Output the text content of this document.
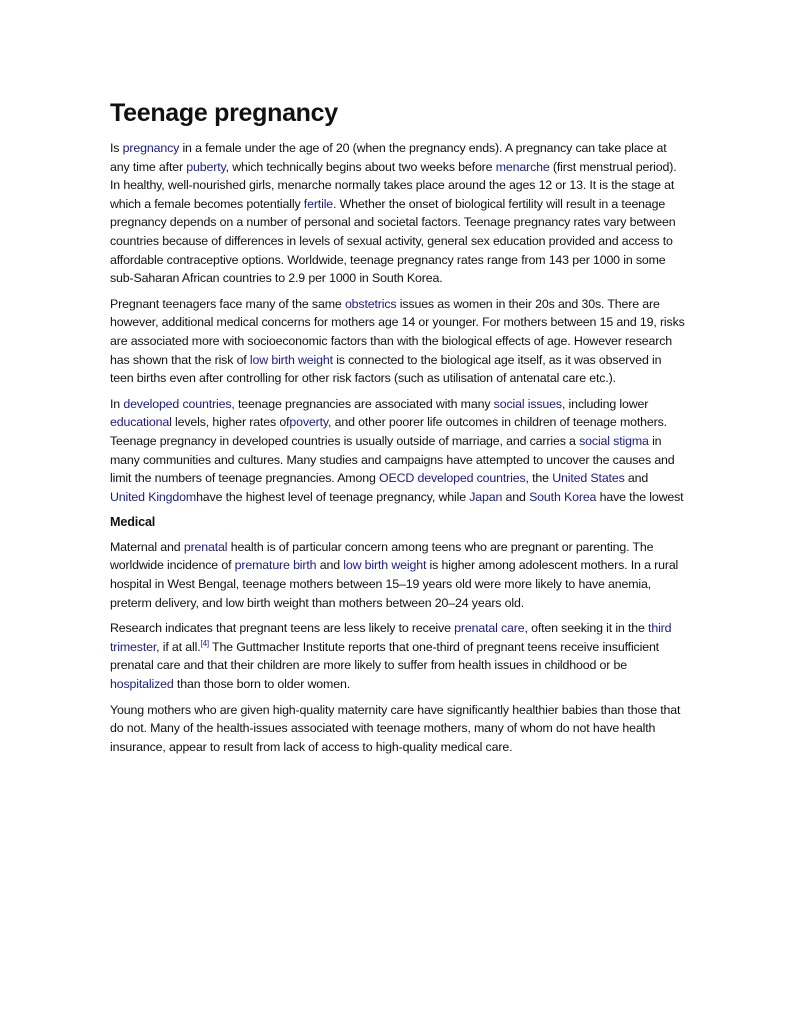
Teenage pregnancy

Is pregnancy in a female under the age of 20 (when the pregnancy ends). A pregnancy can take place at any time after puberty, which technically begins about two weeks before menarche (first menstrual period). In healthy, well-nourished girls, menarche normally takes place around the ages 12 or 13. It is the stage at which a female becomes potentially fertile. Whether the onset of biological fertility will result in a teenage pregnancy depends on a number of personal and societal factors. Teenage pregnancy rates vary between countries because of differences in levels of sexual activity, general sex education provided and access to affordable contraceptive options. Worldwide, teenage pregnancy rates range from 143 per 1000 in some sub-Saharan African countries to 2.9 per 1000 in South Korea.

Pregnant teenagers face many of the same obstetrics issues as women in their 20s and 30s. There are however, additional medical concerns for mothers age 14 or younger. For mothers between 15 and 19, risks are associated more with socioeconomic factors than with the biological effects of age. However research has shown that the risk of low birth weight is connected to the biological age itself, as it was observed in teen births even after controlling for other risk factors (such as utilisation of antenatal care etc.).

In developed countries, teenage pregnancies are associated with many social issues, including lower educational levels, higher rates ofpoverty, and other poorer life outcomes in children of teenage mothers. Teenage pregnancy in developed countries is usually outside of marriage, and carries a social stigma in many communities and cultures. Many studies and campaigns have attempted to uncover the causes and limit the numbers of teenage pregnancies. Among OECD developed countries, the United States and United Kingdomhave the highest level of teenage pregnancy, while Japan and South Korea have the lowest

Medical

Maternal and prenatal health is of particular concern among teens who are pregnant or parenting. The worldwide incidence of premature birth and low birth weight is higher among adolescent mothers. In a rural hospital in West Bengal, teenage mothers between 15–19 years old were more likely to have anemia, preterm delivery, and low birth weight than mothers between 20–24 years old.

Research indicates that pregnant teens are less likely to receive prenatal care, often seeking it in the third trimester, if at all.[4] The Guttmacher Institute reports that one-third of pregnant teens receive insufficient prenatal care and that their children are more likely to suffer from health issues in childhood or be hospitalized than those born to older women.

Young mothers who are given high-quality maternity care have significantly healthier babies than those that do not. Many of the health-issues associated with teenage mothers, many of whom do not have health insurance, appear to result from lack of access to high-quality medical care.
